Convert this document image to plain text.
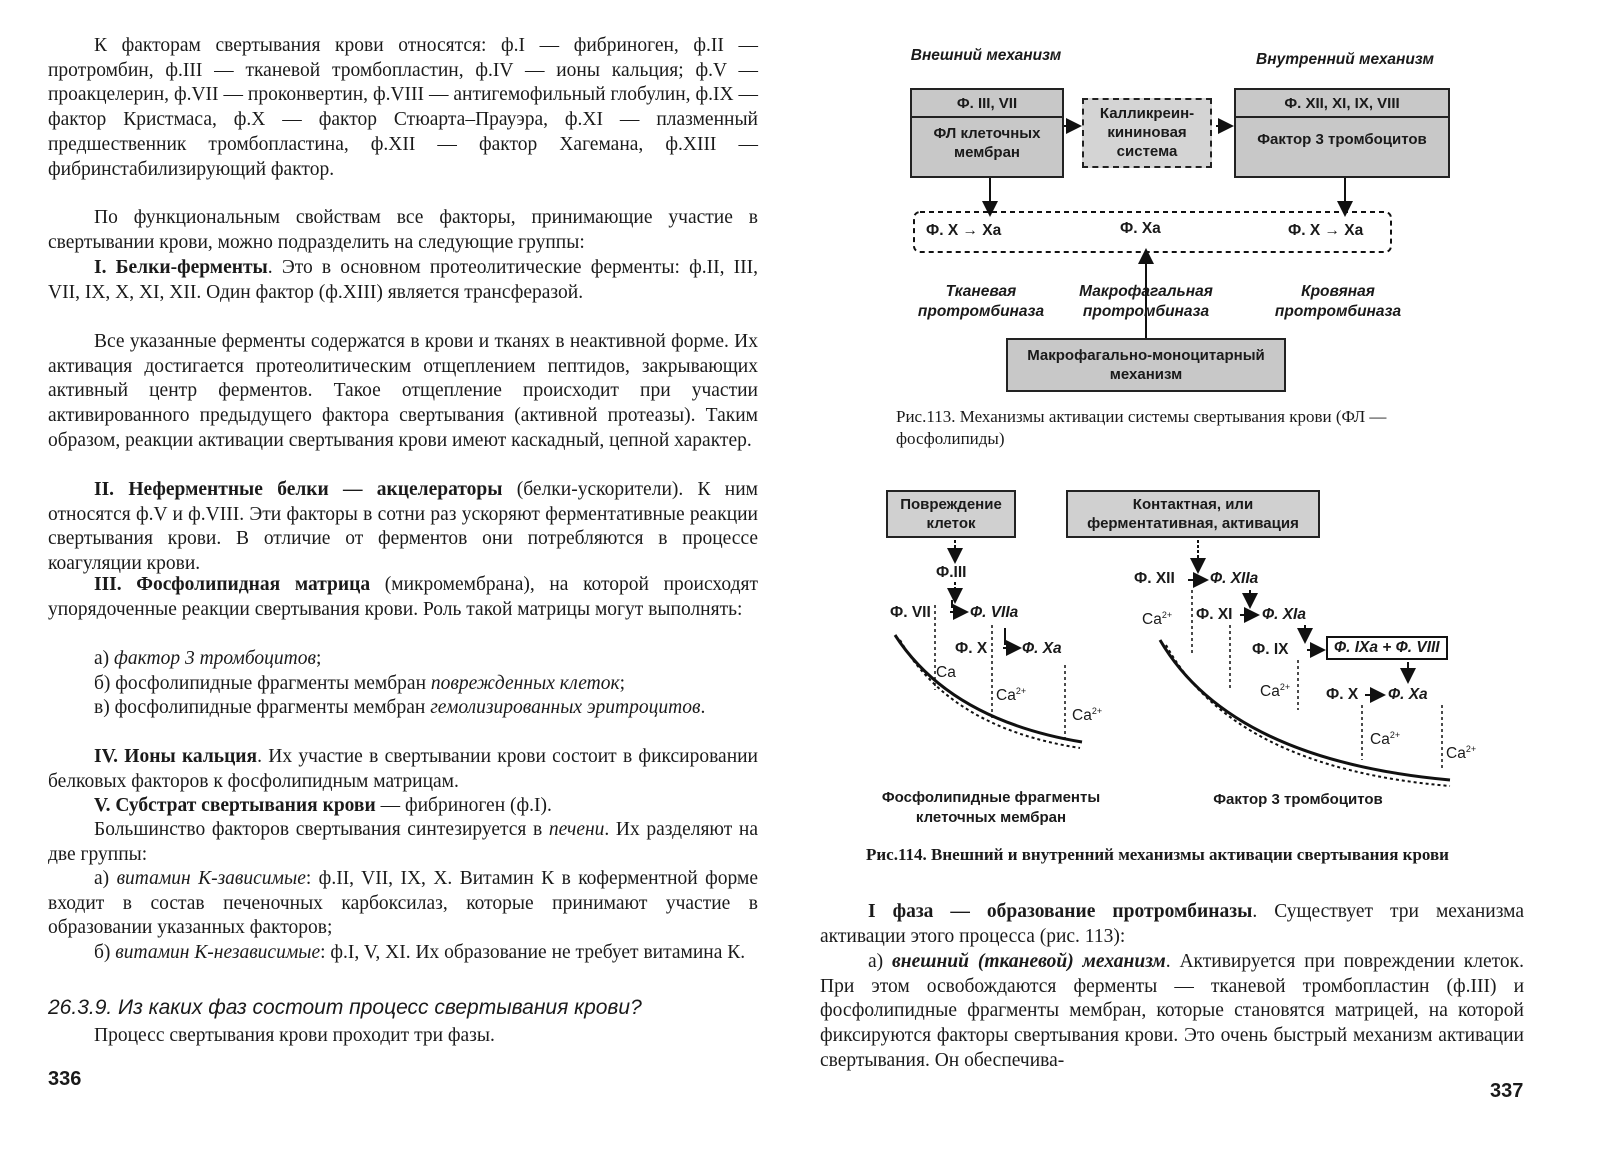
К факторам свертывания крови относятся: ф.I — фибриноген, ф.II — протромбин, ф.III — тканевой тромбопластин, ф.IV — ионы кальция; ф.V — проакцелерин, ф.VII — проконвертин, ф.VIII — антигемофильный глобулин, ф.IX — фактор Кристмаса, ф.X — фактор Стюарта–Прауэра, ф.XI — плазменный предшественник тромбопластина, ф.XII — фактор Хагемана, ф.XIII — фибринстабилизирующий фактор.

По функциональным свойствам все факторы, принимающие участие в свертывании крови, можно подразделить на следующие группы:

I. Белки-ферменты. Это в основном протеолитические ферменты: ф.II, III, VII, IX, X, XI, XII. Один фактор (ф.XIII) является трансферазой.

Все указанные ферменты содержатся в крови и тканях в неактивной форме. Их активация достигается протеолитическим отщеплением пептидов, закрывающих активный центр ферментов. Такое отщепление происходит при участии активированного предыдущего фактора свертывания (активной протеазы). Таким образом, реакции активации свертывания крови имеют каскадный, цепной характер.

II. Неферментные белки — акцелераторы (белки-ускорители). К ним относятся ф.V и ф.VIII. Эти факторы в сотни раз ускоряют ферментативные реакции свертывания крови. В отличие от ферментов они потребляются в процессе коагуляции крови.

III. Фосфолипидная матрица (микромембрана), на которой происходят упорядоченные реакции свертывания крови. Роль такой матрицы могут выполнять:

а) фактор 3 тромбоцитов;

б) фосфолипидные фрагменты мембран поврежденных клеток;

в) фосфолипидные фрагменты мембран гемолизированных эритроцитов.

IV. Ионы кальция. Их участие в свертывании крови состоит в фиксировании белковых факторов к фосфолипидным матрицам.

V. Субстрат свертывания крови — фибриноген (ф.I).

Большинство факторов свертывания синтезируется в печени. Их разделяют на две группы:

а) витамин К-зависимые: ф.II, VII, IX, X. Витамин К в коферментной форме входит в состав печеночных карбоксилаз, которые принимают участие в образовании указанных факторов;

б) витамин К-независимые: ф.I, V, XI. Их образование не требует витамина К.

26.3.9. Из каких фаз состоит процесс свертывания крови?

Процесс свертывания крови проходит три фазы.

336
Внешний механизм	Внутренний механизм
Ф. III, VII
ФЛ клеточных мембран
Калликреин-кининовая система
Ф. XII, XI, IX, VIII
Фактор 3 тромбоцитов
Ф. X → Xa	Ф. Xa	Ф. X → Xa
Тканевая протромбиназа
Макрофагальная протромбиназа
Кровяная протромбиназа
Макрофагально-моноцитарный механизм
Рис.113. Механизмы активации системы свертывания крови (ФЛ — фосфолипиды)
Повреждение клеток
Контактная, или ферментативная, активация
Ф.III
Ф. VII	Ф. VIIa
Ф. X Ф. Xa
Ф. XII Ф. XIIa
Ф. XI Ф. XIa
Ф. IX	Ф. IXa + Ф. VIII
Ф. X Ф. Xa
Ca
$Ca^{2+}$
$Ca^{2+}$
$Ca^{2+}$
$Ca^{2+}$
$Ca^{2+}$
$Ca^{2+}$
Фосфолипидные фрагменты клеточных мембран
Фактор 3 тромбоцитов
Рис.114. Внешний и внутренний механизмы активации свертывания крови

I фаза — образование протромбиназы. Существует три механизма активации этого процесса (рис. 113):

а) внешний (тканевой) механизм. Активируется при повреждении клеток. При этом освобождаются ферменты — тканевой тромбопластин (ф.III) и фосфолипидные фрагменты мембран, которые становятся матрицей, на которой фиксируются факторы свертывания крови. Это очень быстрый механизм активации свертывания. Он обеспечива-

337
